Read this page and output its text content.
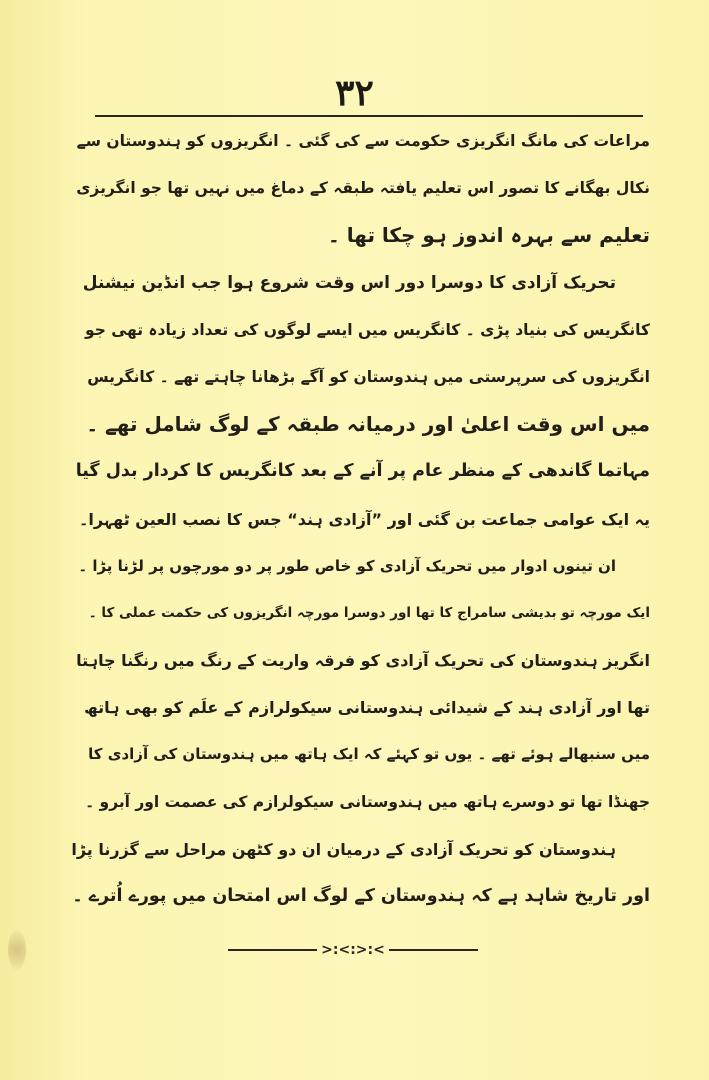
۳۲
مراعات کی مانگ انگریزی حکومت سے کی گئی ۔ انگریزوں کو ہندوستان سے
نکال بھگانے کا تصور اس تعلیم یافتہ طبقہ کے دماغ میں نہیں تھا جو انگریزی
تعلیم سے بہرہ اندوز ہو چکا تھا ۔
تحریک آزادی کا دوسرا دور اس وقت شروع ہوا جب انڈین نیشنل
کانگریس کی بنیاد پڑی ۔ کانگریس میں ایسے لوگوں کی تعداد زیادہ تھی جو
انگریزوں کی سرپرستی میں ہندوستان کو آگے بڑھانا چاہتے تھے ۔ کانگریس
میں اس وقت اعلیٰ اور درمیانہ طبقہ کے لوگ شامل تھے ۔
مہاتما گاندھی کے منظر عام پر آنے کے بعد کانگریس کا کردار بدل گیا
یہ ایک عوامی جماعت بن گئی اور ”آزادی ہند“ جس کا نصب العین ٹھہرا۔
ان تینوں ادوار میں تحریک آزادی کو خاص طور پر دو مورچوں پر لڑنا پڑا ۔
ایک مورچہ تو بدیشی سامراج کا تھا اور دوسرا مورچہ انگریزوں کی حکمت عملی کا ۔
انگریز ہندوستان کی تحریک آزادی کو فرقہ واریت کے رنگ میں رنگنا چاہتا
تھا اور آزادی ہند کے شیدائی ہندوستانی سیکولرازم کے علَم کو بھی ہاتھ
میں سنبھالے ہوئے تھے ۔ یوں تو کہئے کہ ایک ہاتھ میں ہندوستان کی آزادی کا
جھنڈا تھا تو دوسرے ہاتھ میں ہندوستانی سیکولرازم کی عصمت اور آبرو ۔
ہندوستان کو تحریک آزادی کے درمیان ان دو کٹھن مراحل سے گزرنا پڑا
اور تاریخ شاہد ہے کہ ہندوستان کے لوگ اس امتحان میں پورے اُترے ۔
>:<:>:<
